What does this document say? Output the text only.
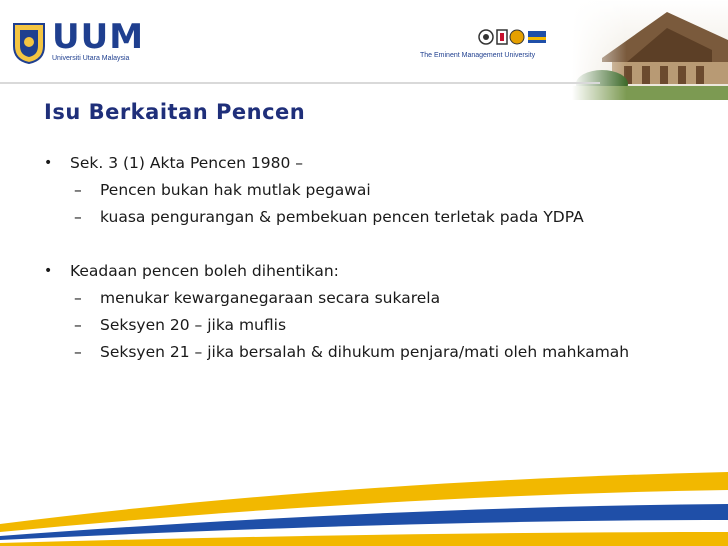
UUM
Universiti Utara Malaysia	The Eminent Management University
Isu Berkaitan Pencen
• Sek. 3 (1) Akta Pencen 1980 –
– Pencen bukan hak mutlak pegawai
– kuasa pengurangan & pembekuan pencen terletak pada YDPA
• Keadaan pencen boleh dihentikan:
– menukar kewarganegaraan secara sukarela
– Seksyen 20 – jika muflis
– Seksyen 21 – jika bersalah & dihukum penjara/mati oleh mahkamah
